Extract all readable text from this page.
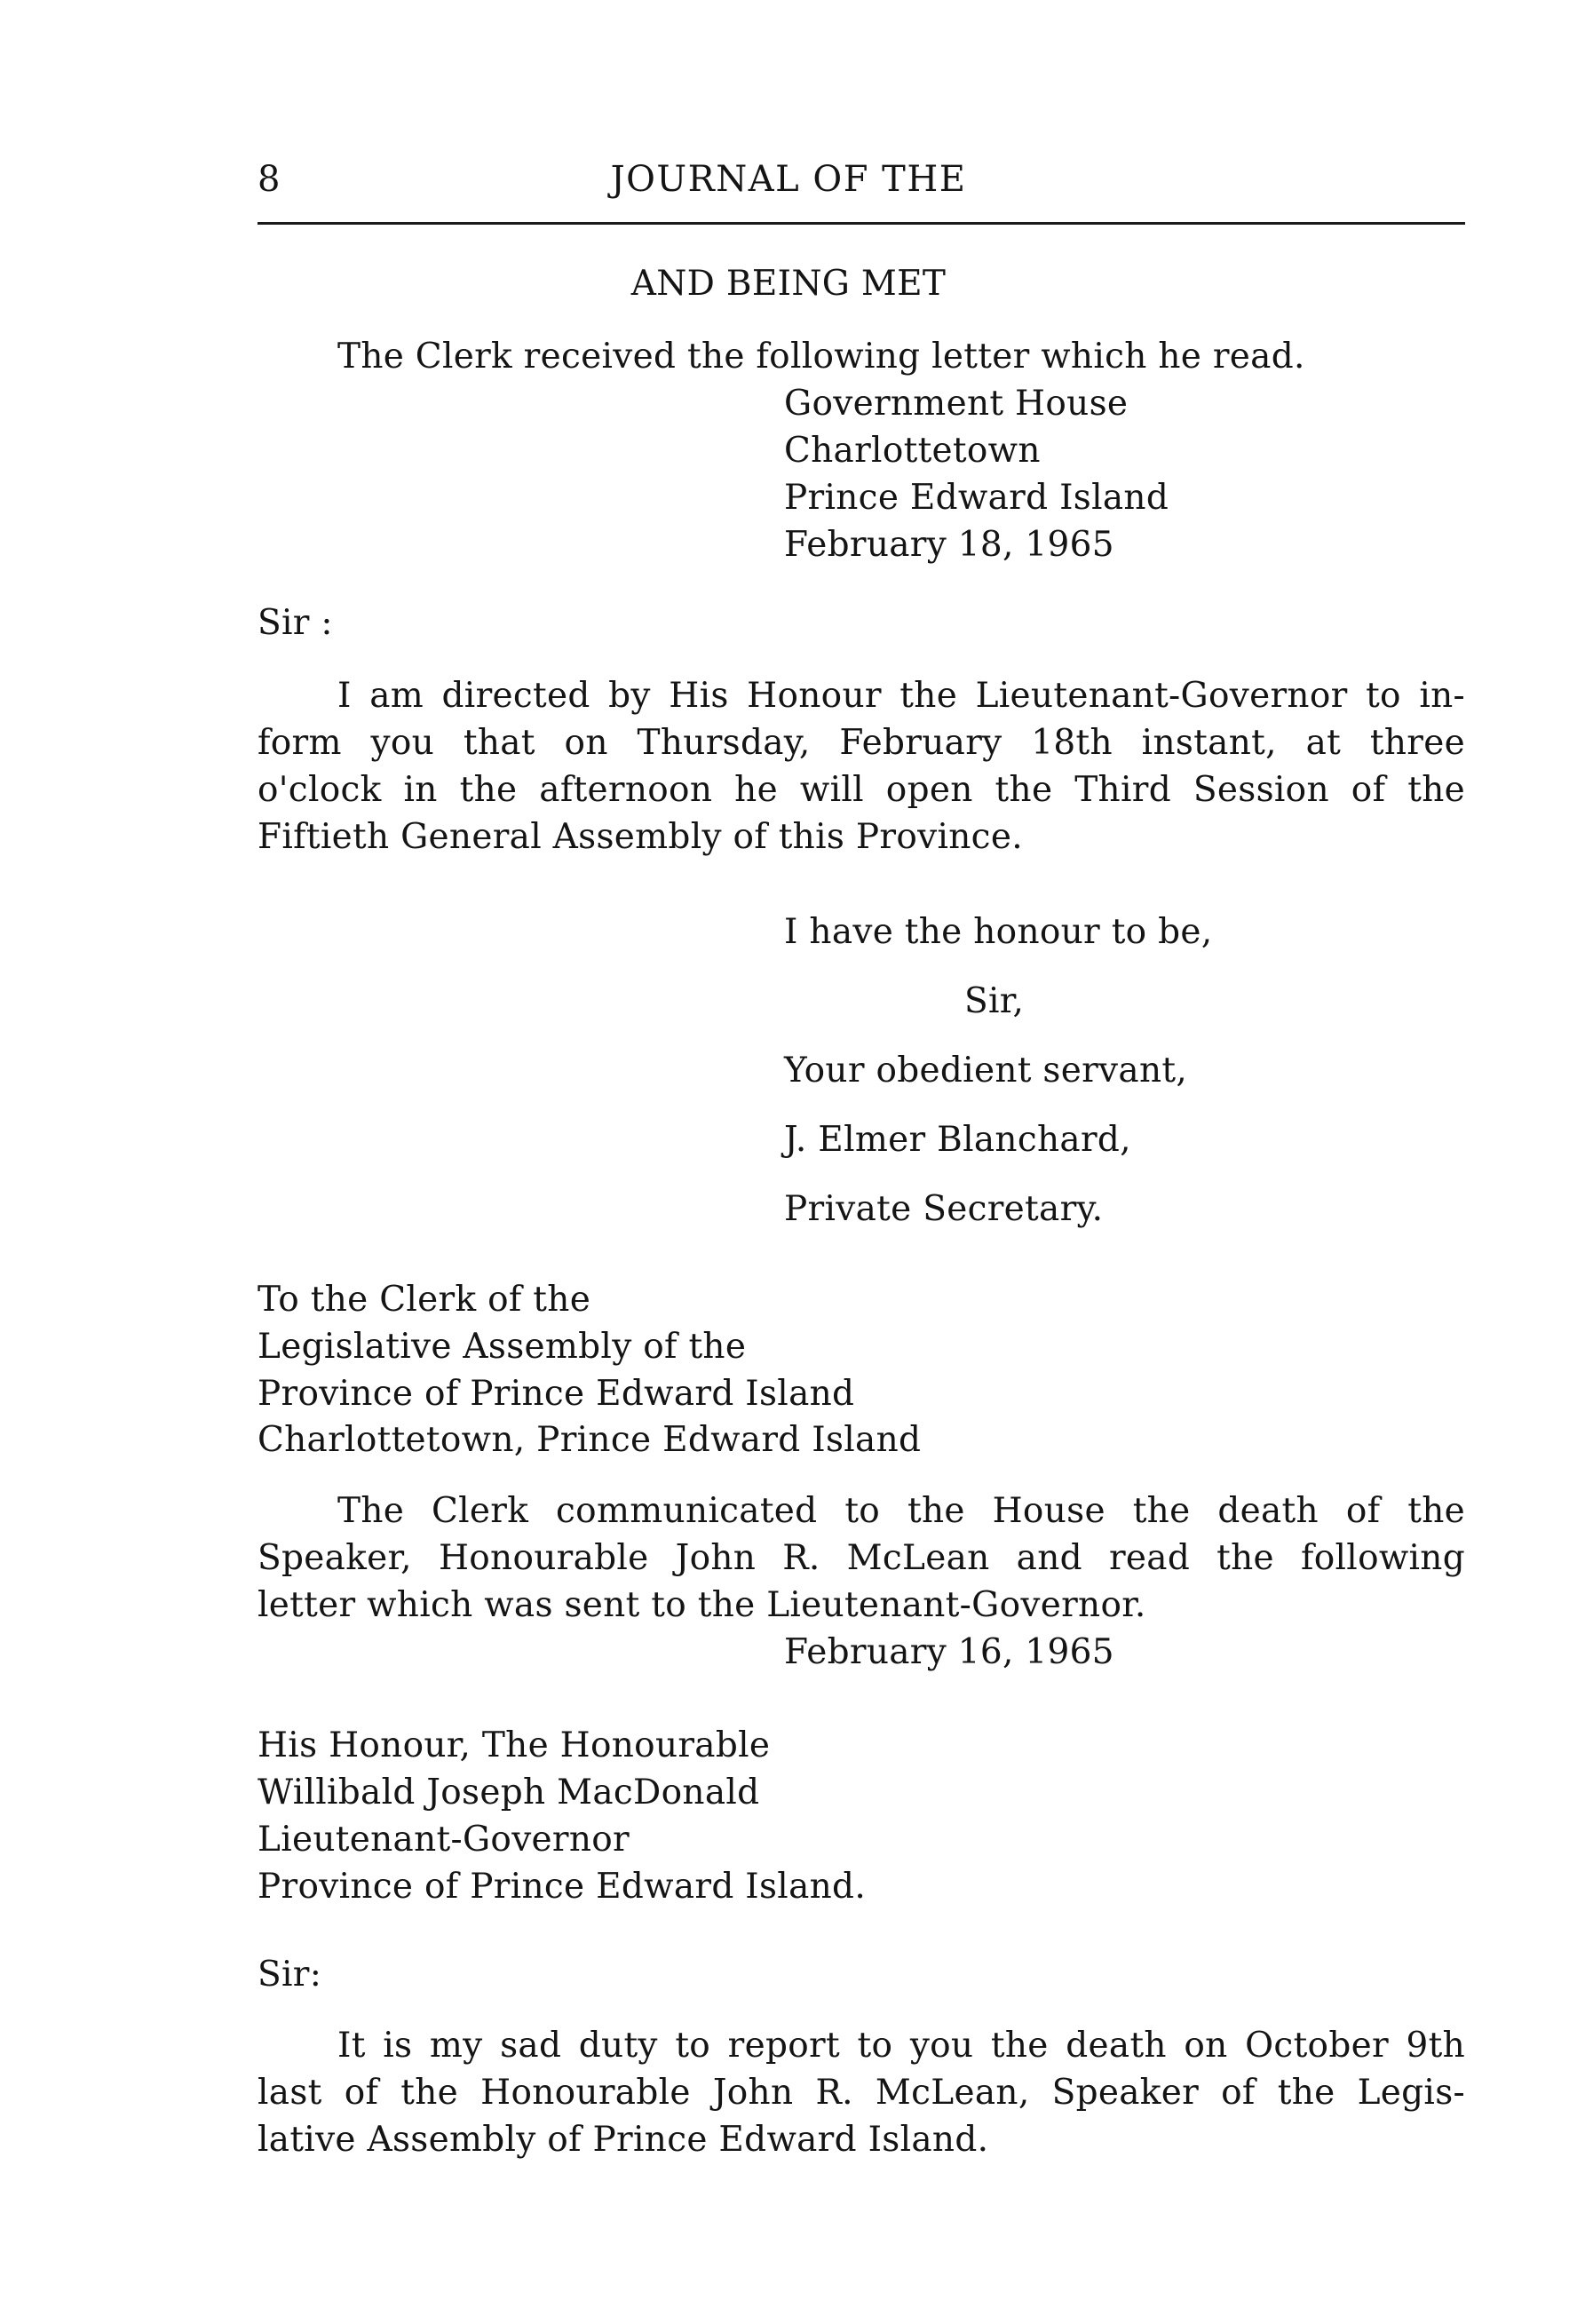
8	JOURNAL OF THE
AND BEING MET
The Clerk received the following letter which he read.
Government House
Charlottetown
Prince Edward Island
February 18, 1965
Sir :
I am directed by His Honour the Lieutenant-Governor to in-
form you that on Thursday, February 18th instant, at three
o'clock in the afternoon he will open the Third Session of the
Fiftieth General Assembly of this Province.
I have the honour to be,
Sir,
Your obedient servant,
J. Elmer Blanchard,
Private Secretary.
To the Clerk of the
Legislative Assembly of the
Province of Prince Edward Island
Charlottetown, Prince Edward Island
The Clerk communicated to the House the death of the
Speaker, Honourable John R. McLean and read the following
letter which was sent to the Lieutenant-Governor.
February 16, 1965
His Honour, The Honourable
Willibald Joseph MacDonald
Lieutenant-Governor
Province of Prince Edward Island.
Sir:
It is my sad duty to report to you the death on October 9th
last of the Honourable John R. McLean, Speaker of the Legis-
lative Assembly of Prince Edward Island.
